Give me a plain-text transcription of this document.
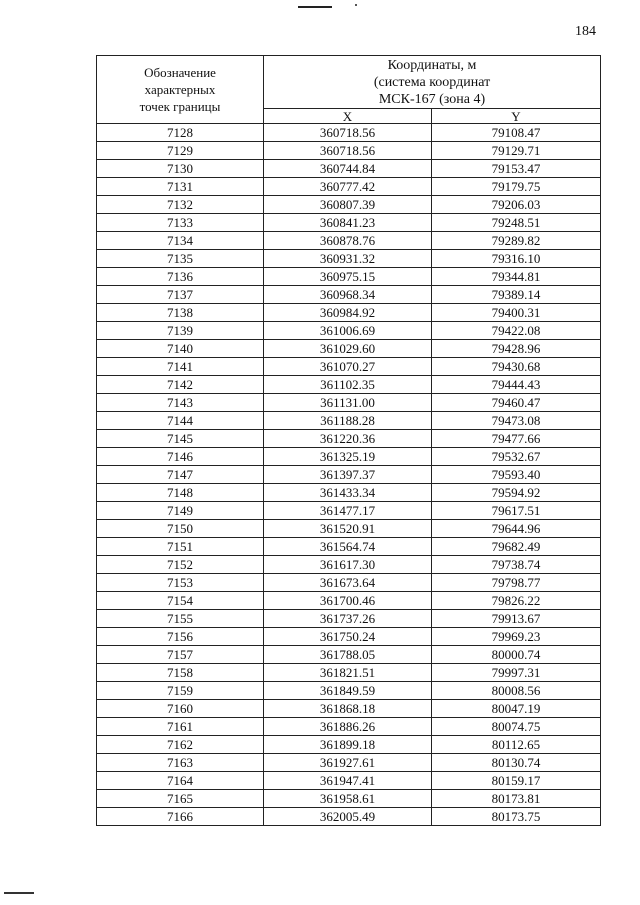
184
Обозначение
характерных
точек границы	Координаты, м
(система координат
МСК-167 (зона 4)	
	X	Y
7128	360718.56	79108.47
7129	360718.56	79129.71
7130	360744.84	79153.47
7131	360777.42	79179.75
7132	360807.39	79206.03
7133	360841.23	79248.51
7134	360878.76	79289.82
7135	360931.32	79316.10
7136	360975.15	79344.81
7137	360968.34	79389.14
7138	360984.92	79400.31
7139	361006.69	79422.08
7140	361029.60	79428.96
7141	361070.27	79430.68
7142	361102.35	79444.43
7143	361131.00	79460.47
7144	361188.28	79473.08
7145	361220.36	79477.66
7146	361325.19	79532.67
7147	361397.37	79593.40
7148	361433.34	79594.92
7149	361477.17	79617.51
7150	361520.91	79644.96
7151	361564.74	79682.49
7152	361617.30	79738.74
7153	361673.64	79798.77
7154	361700.46	79826.22
7155	361737.26	79913.67
7156	361750.24	79969.23
7157	361788.05	80000.74
7158	361821.51	79997.31
7159	361849.59	80008.56
7160	361868.18	80047.19
7161	361886.26	80074.75
7162	361899.18	80112.65
7163	361927.61	80130.74
7164	361947.41	80159.17
7165	361958.61	80173.81
7166	362005.49	80173.75
